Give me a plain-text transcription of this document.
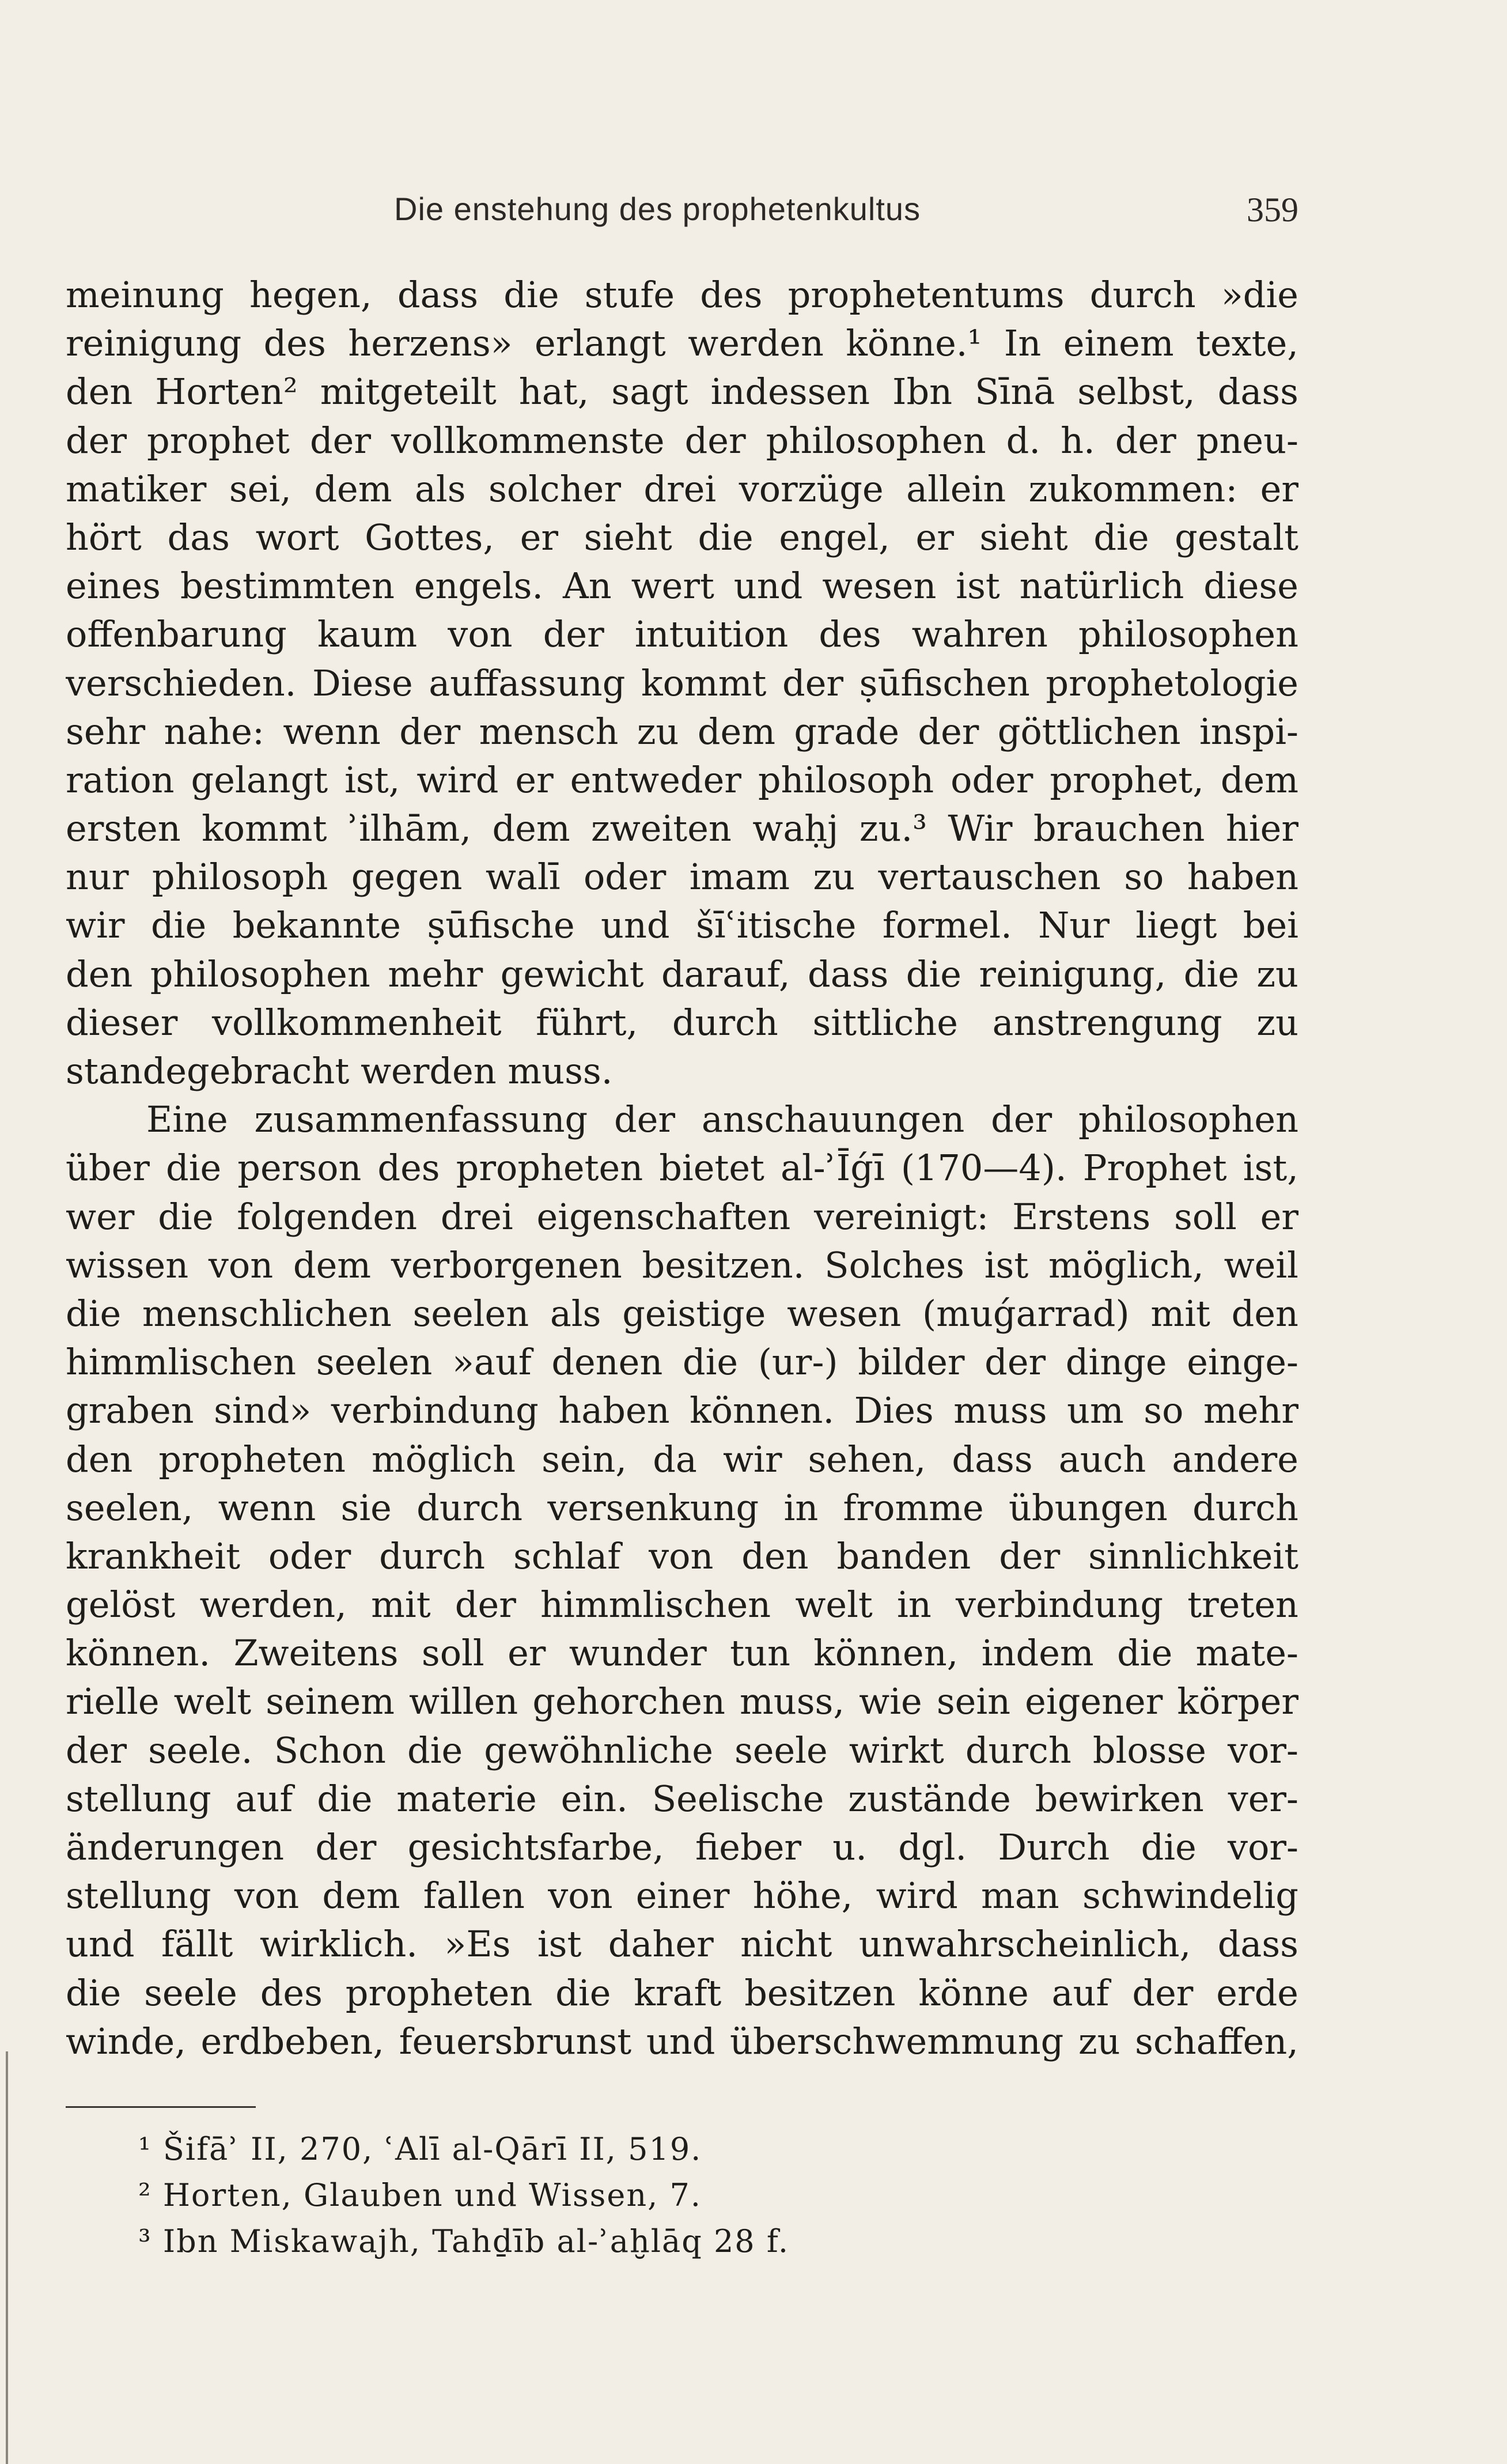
Die enstehung des prophetenkultus	359
meinung hegen, dass die stufe des prophetentums durch »die
reinigung des herzens» erlangt werden könne.¹ In einem texte,
den Horten² mitgeteilt hat, sagt indessen Ibn Sīnā selbst, dass
der prophet der vollkommenste der philosophen d. h. der pneu-
matiker sei, dem als solcher drei vorzüge allein zukommen: er
hört das wort Gottes, er sieht die engel, er sieht die gestalt
eines bestimmten engels. An wert und wesen ist natürlich diese
offenbarung kaum von der intuition des wahren philosophen
verschieden. Diese auffassung kommt der ṣūfischen prophetologie
sehr nahe: wenn der mensch zu dem grade der göttlichen inspi-
ration gelangt ist, wird er entweder philosoph oder prophet, dem
ersten kommt ʾilhām, dem zweiten waḥj zu.³ Wir brauchen hier
nur philosoph gegen walī oder imam zu vertauschen so haben
wir die bekannte ṣūfische und šīʿitische formel. Nur liegt bei
den philosophen mehr gewicht darauf, dass die reinigung, die zu
dieser vollkommenheit führt, durch sittliche anstrengung zu
standegebracht werden muss.
Eine zusammenfassung der anschauungen der philosophen
über die person des propheten bietet al-ʾĪǵī (170—4). Prophet ist,
wer die folgenden drei eigenschaften vereinigt: Erstens soll er
wissen von dem verborgenen besitzen. Solches ist möglich, weil
die menschlichen seelen als geistige wesen (muǵarrad) mit den
himmlischen seelen »auf denen die (ur-) bilder der dinge einge-
graben sind» verbindung haben können. Dies muss um so mehr
den propheten möglich sein, da wir sehen, dass auch andere
seelen, wenn sie durch versenkung in fromme übungen durch
krankheit oder durch schlaf von den banden der sinnlichkeit
gelöst werden, mit der himmlischen welt in verbindung treten
können. Zweitens soll er wunder tun können, indem die mate-
rielle welt seinem willen gehorchen muss, wie sein eigener körper
der seele. Schon die gewöhnliche seele wirkt durch blosse vor-
stellung auf die materie ein. Seelische zustände bewirken ver-
änderungen der gesichtsfarbe, fieber u. dgl. Durch die vor-
stellung von dem fallen von einer höhe, wird man schwindelig
und fällt wirklich. »Es ist daher nicht unwahrscheinlich, dass
die seele des propheten die kraft besitzen könne auf der erde
winde, erdbeben, feuersbrunst und überschwemmung zu schaffen,
¹ Šifāʾ II, 270, ʿAlī al-Qārī II, 519.
² Horten, Glauben und Wissen, 7.
³ Ibn Miskawajh, Tahḏīb al-ʾaḫlāq 28 f.
